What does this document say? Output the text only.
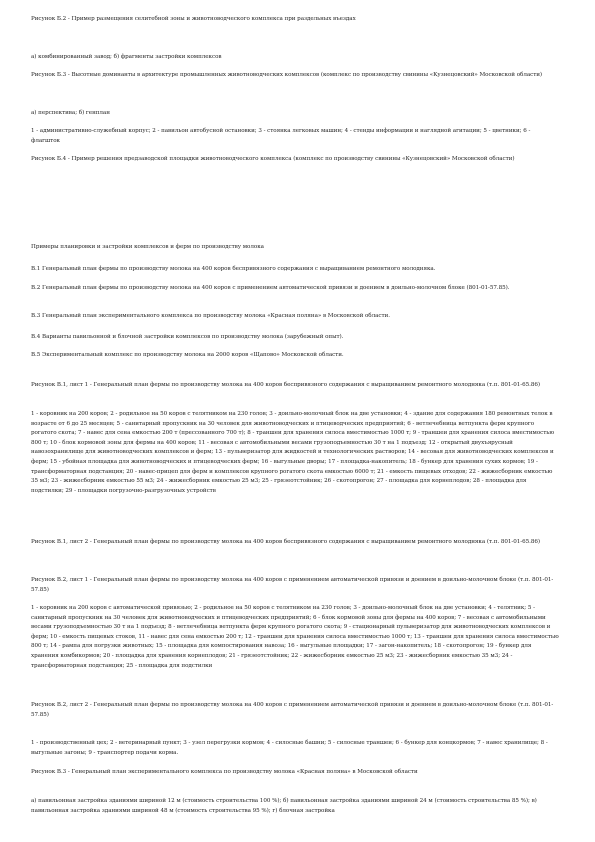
Рисунок Б.2 - Пример размещения селитебной зоны и животноводческого комплекса при раздельных въездах

а) комбинированный завод; б) фрагменты застройки комплексов

Рисунок Б.3 - Высотные доминанты в архитектуре промышленных животноводческих комплексов (комплекс по производству свинины «Кузнецовский» Московской области)

а) перспектива; б) генплан

1 - административно-служебный корпус; 2 - павильон автобусной остановки; 3 - стоянка легковых машин; 4 - стенды информации и наглядной агитации; 5 - цветники; 6 - флагшток

Рисунок Б.4 - Пример решения предзаводской площадки животноводческого комплекса (комплекс по производству свинины «Кузнецовский» Московской области)

Примеры планировки и застройки комплексов и ферм по производству молока

В.1 Генеральный план фермы по производству молока на 400 коров беспривязного содержания с выращиванием ремонтного молодняка.

В.2 Генеральный план фермы по производству молока на 400 коров с применением автоматической привязи и доением в доильно-молочном блоке (801-01-57.85).

В.3 Генеральный план экспериментального комплекса по производству молока «Красная поляна» в Московской области.

В.4 Варианты павильонной и блочной застройки комплексов по производству молока (зарубежный опыт).

В.5 Экспериментальный комплекс по производству молока на 2000 коров «Щапово» Московской области.

Рисунок В.1, лист 1 - Генеральный план фермы по производству молока на 400 коров беспривязного содержания с выращиванием ремонтного молодняка (т.п. 801-01-65.86)

1 - коровник на 200 коров; 2 - родильное на 50 коров с телятником на 230 голов; 3 - доильно-молочный блок на две установки; 4 - здание для содержания 180 ремонтных телок в возрасте от 6 до 25 месяцев; 5 - санитарный пропускник на 30 человек для животноводческих и птицеводческих предприятий; 6 - ветлечебница ветпункта ферм крупного рогатого скота; 7 - навес для сена емкостью 200 т (прессованного 700 т); 8 - траншеи для хранения силоса вместимостью 1000 т; 9 - траншеи для хранения силоса вместимостью 800 т; 10 - блок кормовой зоны для фермы на 400 коров; 11 - весовая с автомобильными весами грузоподъемностью 30 т на 1 подъезд; 12 - открытый двухъярусный навозохранилище для животноводческих комплексов и ферм; 13 - пульверизатор для жидкостей и технологических растворов; 14 - весовая для животноводческих комплексов и ферм; 15 - убойная площадка для животноводческих и птицеводческих ферм; 16 - выгульные дворы; 17 - площадка-накопитель; 18 - бункер для хранения сухих кормов; 19 - трансформаторная подстанция; 20 - навес-прицеп для ферм и комплексов крупного рогатого скота емкостью 6000 т; 21 - емкость пищевых отходов; 22 - жижесборник емкостью 35 м3; 23 - жижесборник емкостью 55 м3; 24 - жижесборник емкостью 25 м3; 25 - грязеотстойник; 26 - скотопрогон; 27 - площадка для корнеплодов; 28 - площадка для подстилки; 29 - площадки погрузочно-разгрузочных устройств

Рисунок В.1, лист 2 - Генеральный план фермы по производству молока на 400 коров беспривязного содержания с выращиванием ремонтного молодняка (т.п. 801-01-65.86)

Рисунок В.2, лист 1 - Генеральный план фермы по производству молока на 400 коров с применением автоматической привязи и доением в доильно-молочном блоке (т.п. 801-01-57.85)

1 - коровник на 200 коров с автоматической привязью; 2 - родильное на 50 коров с телятником на 230 голов; 3 - доильно-молочный блок на две установки; 4 - телятник; 5 - санитарный пропускник на 30 человек для животноводческих и птицеводческих предприятий; 6 - блок кормовой зоны для фермы на 400 коров; 7 - весовая с автомобильными весами грузоподъемностью 30 т на 1 подъезд; 8 - ветлечебница ветпункта ферм крупного рогатого скота; 9 - стационарный пульверизатор для животноводческих комплексов и ферм; 10 - емкость пищевых стоков, 11 - навес для сена емкостью 200 т; 12 - траншеи для хранения силоса вместимостью 1000 т; 13 - траншеи для хранения силоса вместимостью 800 т; 14 - рампа для погрузки животных; 15 - площадка для компостирования навоза; 16 - выгульные площадки; 17 - загон-накопитель; 18 - скотопрогон; 19 - бункер для хранения комбикормов; 20 - площадка для хранения корнеплодов; 21 - грязеотстойник; 22 - жижесборник емкостью 25 м3; 23 - жижесборник емкостью 35 м3; 24 - трансформаторная подстанция; 25 - площадка для подстилки

Рисунок В.2, лист 2 - Генеральный план фермы по производству молока на 400 коров с применением автоматической привязи и доением в доильно-молочном блоке (т.п. 801-01-57.85)

1 - производственный цех; 2 - ветеринарный пункт; 3 - узел перегрузки кормов; 4 - силосные башни; 5 - силосные траншеи; 6 - бункер для концкормов; 7 - навес хранилище; 8 - выгульные загоны; 9 - транспортер подачи корма.

Рисунок В.3 - Генеральный план экспериментального комплекса по производству молока «Красная поляна» в Московской области

а) павильонная застройка зданиями шириной 12 м (стоимость строительства 100 %); б) павильонная застройка зданиями шириной 24 м (стоимость строительства 85 %); в) павильонная застройка зданиями шириной 48 м (стоимость строительства 95 %); г) блочная застройка
